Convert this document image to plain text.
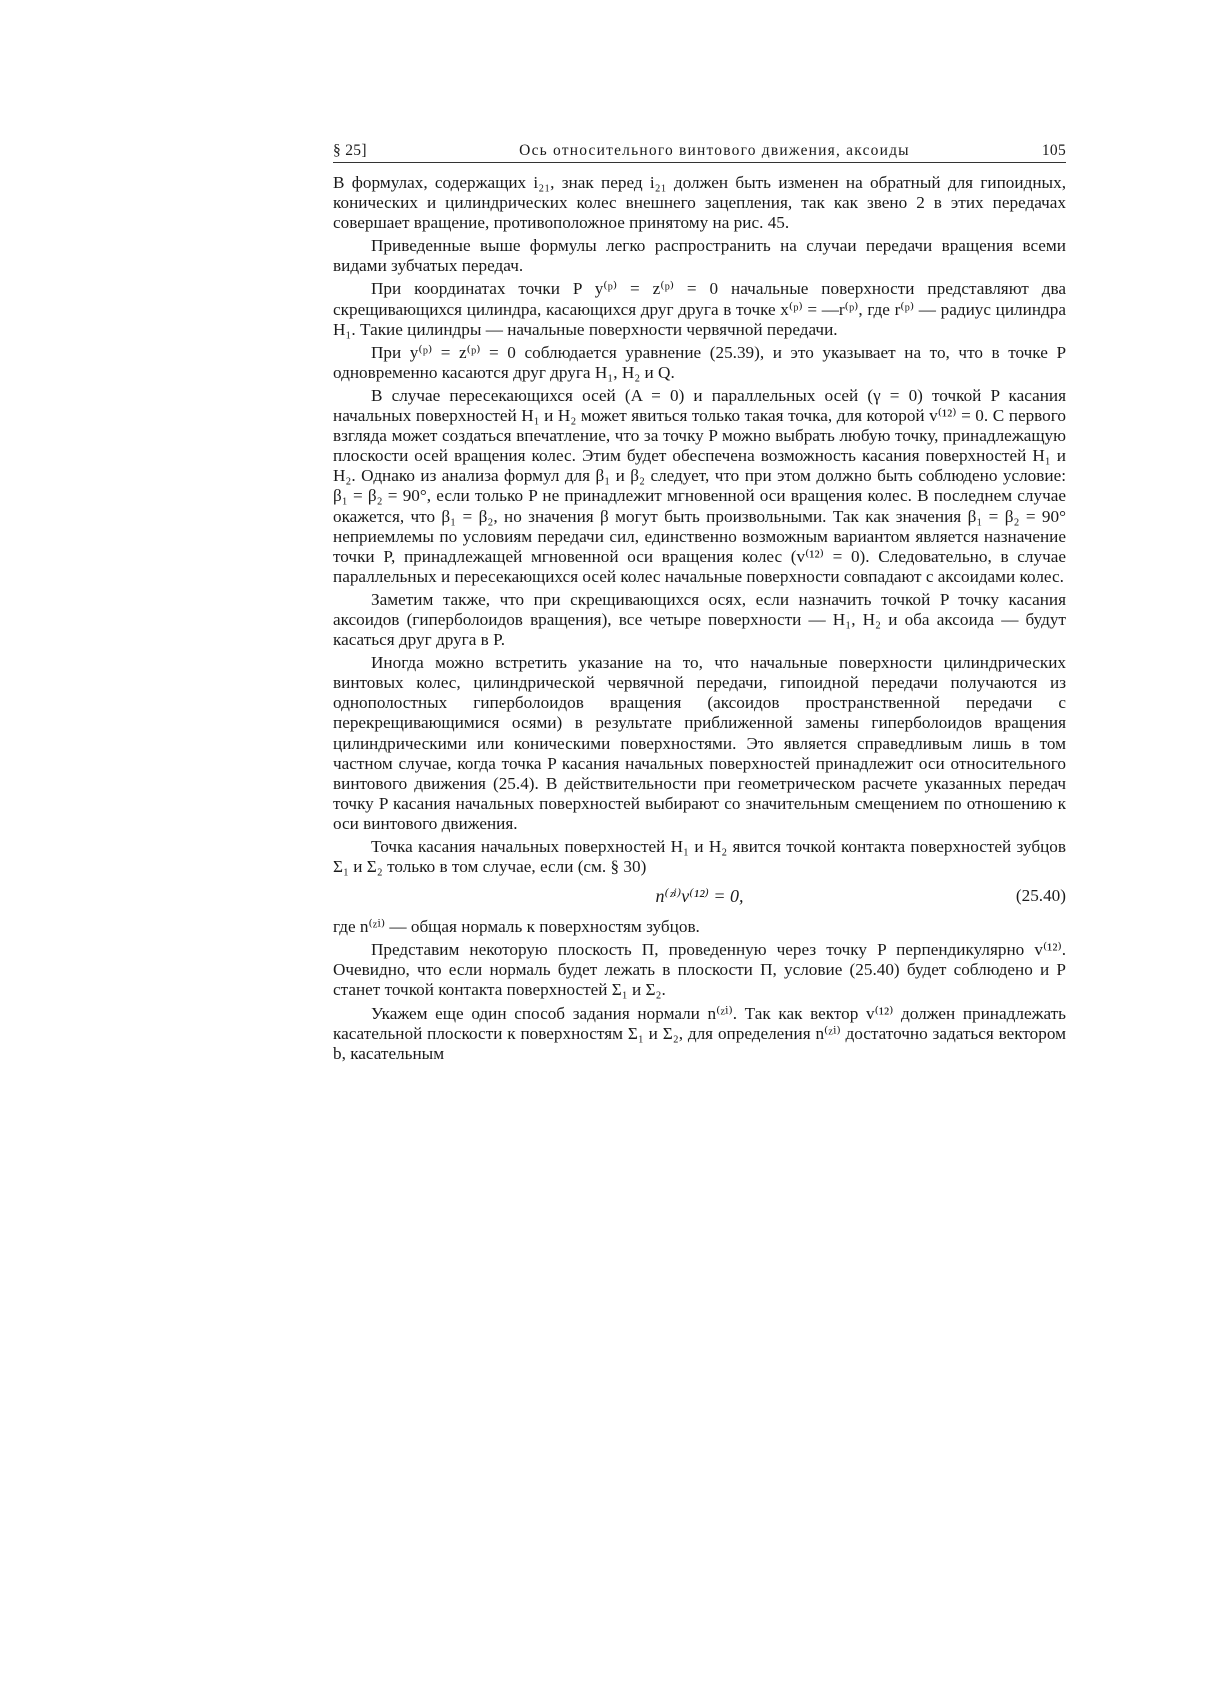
§ 25]	Ось относительного винтового движения, аксоиды	105

В формулах, содержащих i₂₁, знак перед i₂₁ должен быть изменен на обратный для гипоидных, конических и цилиндрических колес внешнего зацепления, так как звено 2 в этих передачах совершает вращение, противоположное принятому на рис. 45.

Приведенные выше формулы легко распространить на случаи передачи вращения всеми видами зубчатых передач.

При координатах точки P y⁽ᵖ⁾ = z⁽ᵖ⁾ = 0 начальные поверхности представляют два скрещивающихся цилиндра, касающихся друг друга в точке x⁽ᵖ⁾ = —r⁽ᵖ⁾, где r⁽ᵖ⁾ — радиус цилиндра H₁. Такие цилиндры — начальные поверхности червячной передачи.

При y⁽ᵖ⁾ = z⁽ᵖ⁾ = 0 соблюдается уравнение (25.39), и это указывает на то, что в точке P одновременно касаются друг друга H₁, H₂ и Q.

В случае пересекающихся осей (A = 0) и параллельных осей (γ = 0) точкой P касания начальных поверхностей H₁ и H₂ может явиться только такая точка, для которой v⁽¹²⁾ = 0. С первого взгляда может создаться впечатление, что за точку P можно выбрать любую точку, принадлежащую плоскости осей вращения колес. Этим будет обеспечена возможность касания поверхностей H₁ и H₂. Однако из анализа формул для β₁ и β₂ следует, что при этом должно быть соблюдено условие: β₁ = β₂ = 90°, если только P не принадлежит мгновенной оси вращения колес. В последнем случае окажется, что β₁ = β₂, но значения β могут быть произвольными. Так как значения β₁ = β₂ = 90° неприемлемы по условиям передачи сил, единственно возможным вариантом является назначение точки P, принадлежащей мгновенной оси вращения колес (v⁽¹²⁾ = 0). Следовательно, в случае параллельных и пересекающихся осей колес начальные поверхности совпадают с аксоидами колес.

Заметим также, что при скрещивающихся осях, если назначить точкой P точку касания аксоидов (гиперболоидов вращения), все четыре поверхности — H₁, H₂ и оба аксоида — будут касаться друг друга в P.

Иногда можно встретить указание на то, что начальные поверхности цилиндрических винтовых колес, цилиндрической червячной передачи, гипоидной передачи получаются из однополостных гиперболоидов вращения (аксоидов пространственной передачи с перекрещивающимися осями) в результате приближенной замены гиперболоидов вращения цилиндрическими или коническими поверхностями. Это является справедливым лишь в том частном случае, когда точка P касания начальных поверхностей принадлежит оси относительного винтового движения (25.4). В действительности при геометрическом расчете указанных передач точку P касания начальных поверхностей выбирают со значительным смещением по отношению к оси винтового движения.

Точка касания начальных поверхностей H₁ и H₂ явится точкой контакта поверхностей зубцов Σ₁ и Σ₂ только в том случае, если (см. § 30)

n⁽ᶻⁱ⁾v⁽¹²⁾ = 0,	(25.40)

где n⁽ᶻⁱ⁾ — общая нормаль к поверхностям зубцов.

Представим некоторую плоскость П, проведенную через точку P перпендикулярно v⁽¹²⁾. Очевидно, что если нормаль будет лежать в плоскости П, условие (25.40) будет соблюдено и P станет точкой контакта поверхностей Σ₁ и Σ₂.

Укажем еще один способ задания нормали n⁽ᶻⁱ⁾. Так как вектор v⁽¹²⁾ должен принадлежать касательной плоскости к поверхностям Σ₁ и Σ₂, для определения n⁽ᶻⁱ⁾ достаточно задаться вектором b, касательным
